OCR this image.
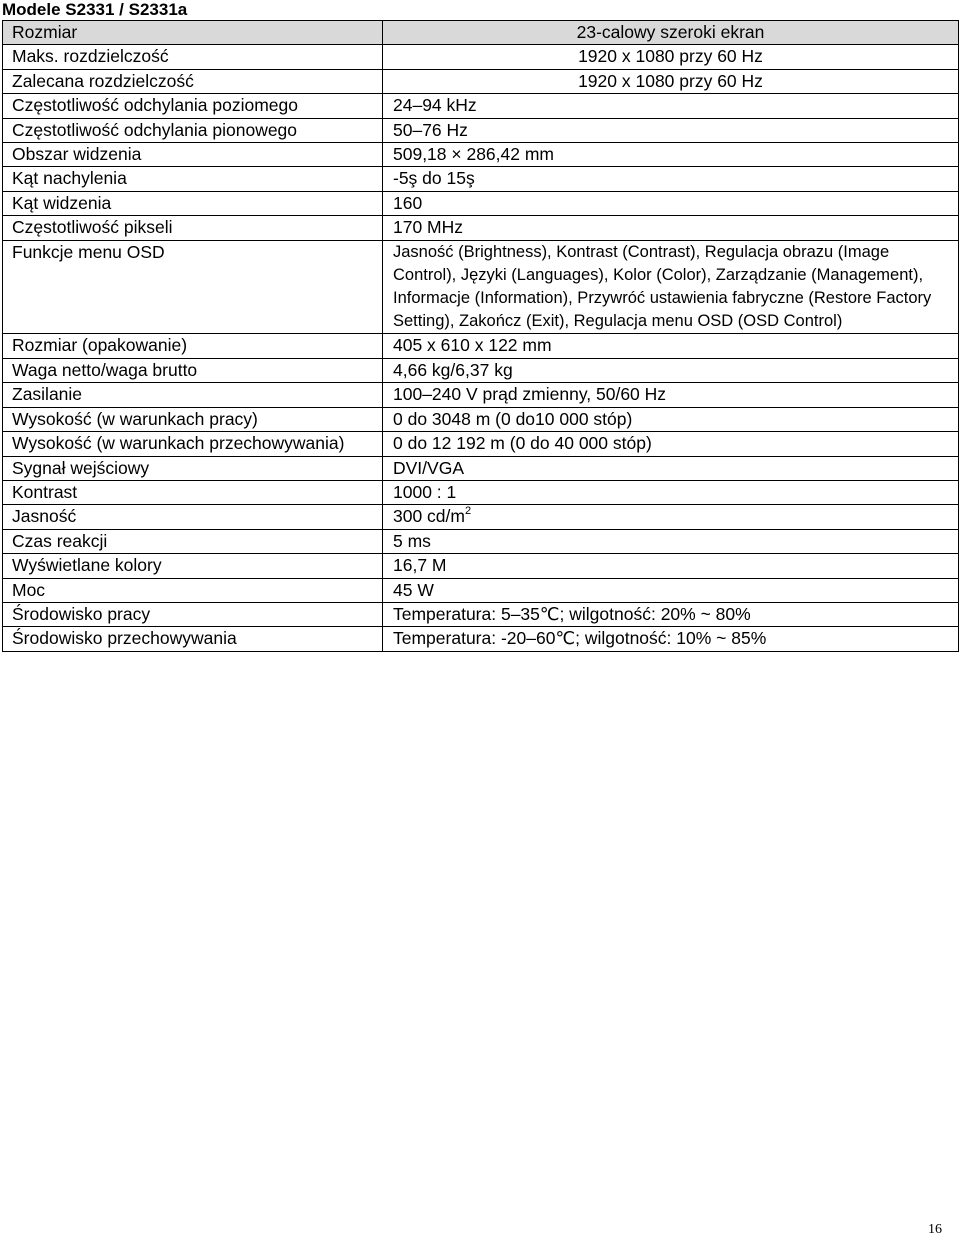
Modele S2331 / S2331a
Rozmiar	23-calowy szeroki ekran
Maks. rozdzielczość	1920 x 1080 przy 60 Hz
Zalecana rozdzielczość	1920 x 1080 przy 60 Hz
Częstotliwość odchylania poziomego	24–94 kHz
Częstotliwość odchylania pionowego	50–76 Hz
Obszar widzenia	509,18 × 286,42 mm
Kąt nachylenia	-5ş do 15ş
Kąt widzenia	160
Częstotliwość pikseli	170 MHz
Funkcje menu OSD	Jasność (Brightness), Kontrast (Contrast), Regulacja obrazu (Image Control), Języki (Languages), Kolor (Color), Zarządzanie (Management), Informacje (Information), Przywróć ustawienia fabryczne (Restore Factory Setting), Zakończ (Exit), Regulacja menu OSD (OSD Control)
Rozmiar (opakowanie)	405 x 610 x 122 mm
Waga netto/waga brutto	4,66 kg/6,37 kg
Zasilanie	100–240 V prąd zmienny, 50/60 Hz
Wysokość (w warunkach pracy)	0 do 3048 m (0 do10 000 stóp)
Wysokość (w warunkach przechowywania)	0 do 12 192 m (0 do 40 000 stóp)
Sygnał wejściowy	DVI/VGA
Kontrast	1000 : 1
Jasność	300 $cd/m^2$
Czas reakcji	5 ms
Wyświetlane kolory	16,7 M
Moc	45 W
Środowisko pracy	Temperatura: 5–35℃; wilgotność: 20% ~ 80%
Środowisko przechowywania	Temperatura: -20–60℃; wilgotność: 10% ~ 85%
16
